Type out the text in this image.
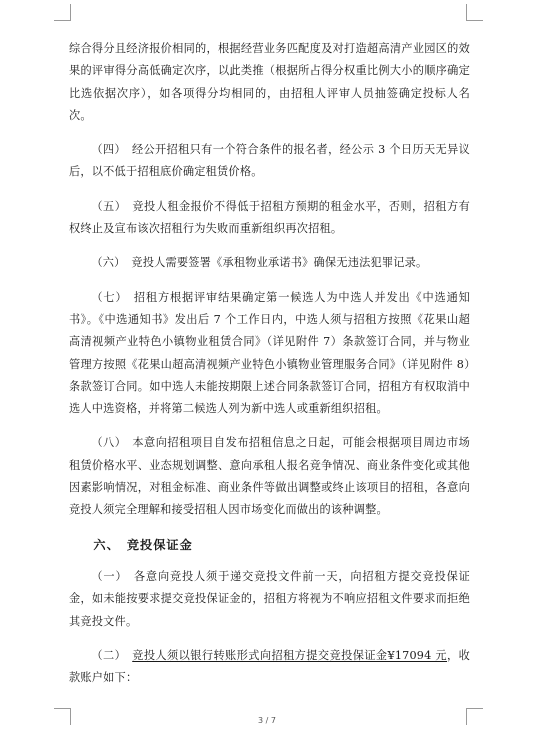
综合得分且经济报价相同的，根据经营业务匹配度及对打造超高清产业园区的效果的评审得分高低确定次序，以此类推（根据所占得分权重比例大小的顺序确定比选依据次序），如各项得分均相同的，由招租人评审人员抽签确定投标人名次。

（四）　经公开招租只有一个符合条件的报名者，经公示 3 个日历天无异议后，以不低于招租底价确定租赁价格。

（五）　竞投人租金报价不得低于招租方预期的租金水平，否则，招租方有权终止及宣布该次招租行为失败而重新组织再次招租。

（六）　竞投人需要签署《承租物业承诺书》确保无违法犯罪记录。

（七）　招租方根据评审结果确定第一候选人为中选人并发出《中选通知书》。《中选通知书》发出后 7 个工作日内，中选人须与招租方按照《花果山超高清视频产业特色小镇物业租赁合同》（详见附件 7）条款签订合同，并与物业管理方按照《花果山超高清视频产业特色小镇物业管理服务合同》（详见附件 8）条款签订合同。如中选人未能按期限上述合同条款签订合同，招租方有权取消中选人中选资格，并将第二候选人列为新中选人或重新组织招租。

（八）　本意向招租项目自发布招租信息之日起，可能会根据项目周边市场租赁价格水平、业态规划调整、意向承租人报名竞争情况、商业条件变化或其他因素影响情况，对租金标准、商业条件等做出调整或终止该项目的招租，各意向竞投人须完全理解和接受招租人因市场变化而做出的该种调整。

六、　竞投保证金

（一）　各意向竞投人须于递交竞投文件前一天，向招租方提交竞投保证金，如未能按要求提交竞投保证金的，招租方将视为不响应招租文件要求而拒绝其竞投文件。

（二）　竞投人须以银行转账形式向招租方提交竞投保证金¥17094 元，收款账户如下：

3 / 7
